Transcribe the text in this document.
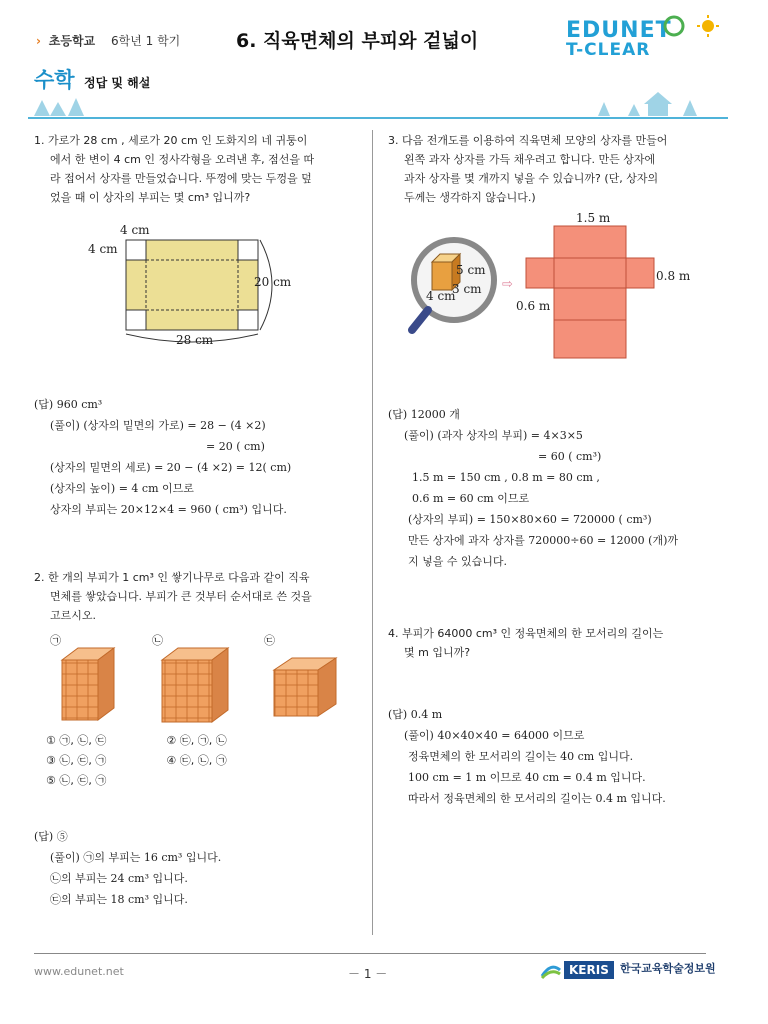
› 초등학교 6학년 1 학기	6. 직육면체의 부피와 겉넓이	EDUNET
T-CLEAR
수학 정답 및 해설
1. 가로가 28 cm , 세로가 20 cm 인 도화지의 네 귀퉁이
에서 한 변이 4 cm 인 정사각형을 오려낸 후, 점선을 따
라 접어서 상자를 만들었습니다. 뚜껑에 맞는 두껑을 덮
었을 때 이 상자의 부피는 몇 cm³ 입니까?
4 cm
4 cm
20 cm
28 cm
(답) 960 cm³
(풀이) (상자의 밑면의 가로) = 28 − (4 ×2)
= 20 ( cm)
(상자의 밑면의 세로) = 20 − (4 ×2) = 12( cm)
(상자의 높이) = 4 cm 이므로
상자의 부피는 20×12×4 = 960 ( cm³) 입니다.
2. 한 개의 부피가 1 cm³ 인 쌓기나무로 다음과 같이 직육
면체를 쌓았습니다. 부피가 큰 것부터 순서대로 쓴 것을
고르시오.
㉠	㉡	㉢
① ㉠, ㉡, ㉢	② ㉢, ㉠, ㉡
③ ㉡, ㉢, ㉠	④ ㉢, ㉡, ㉠
⑤ ㉡, ㉢, ㉠
(답) ⑤
(풀이) ㉠의 부피는 16 cm³ 입니다.
㉡의 부피는 24 cm³ 입니다.
㉢의 부피는 18 cm³ 입니다.
3. 다음 전개도를 이용하여 직육면체 모양의 상자를 만들어
왼쪽 과자 상자를 가득 채우려고 합니다. 만든 상자에
과자 상자를 몇 개까지 넣을 수 있습니까? (단, 상자의
두께는 생각하지 않습니다.)
5 cm
3 cm
4 cm
⇨
1.5 m
0.8 m
0.6 m
(답) 12000 개
(풀이) (과자 상자의 부피) = 4×3×5
= 60 ( cm³)
1.5 m = 150 cm , 0.8 m = 80 cm ,
0.6 m = 60 cm 이므로
(상자의 부피) = 150×80×60 = 720000 ( cm³)
만든 상자에 과자 상자를 720000÷60 = 12000 (개)까
지 넣을 수 있습니다.
4. 부피가 64000 cm³ 인 정육면체의 한 모서리의 길이는
몇 m 입니까?
(답) 0.4 m
(풀이) 40×40×40 = 64000 이므로
정육면체의 한 모서리의 길이는 40 cm 입니다.
100 cm = 1 m 이므로 40 cm = 0.4 m 입니다.
따라서 정육면체의 한 모서리의 길이는 0.4 m 입니다.
www.edunet.net	－ 1 －	KERIS	한국교육학술정보원
